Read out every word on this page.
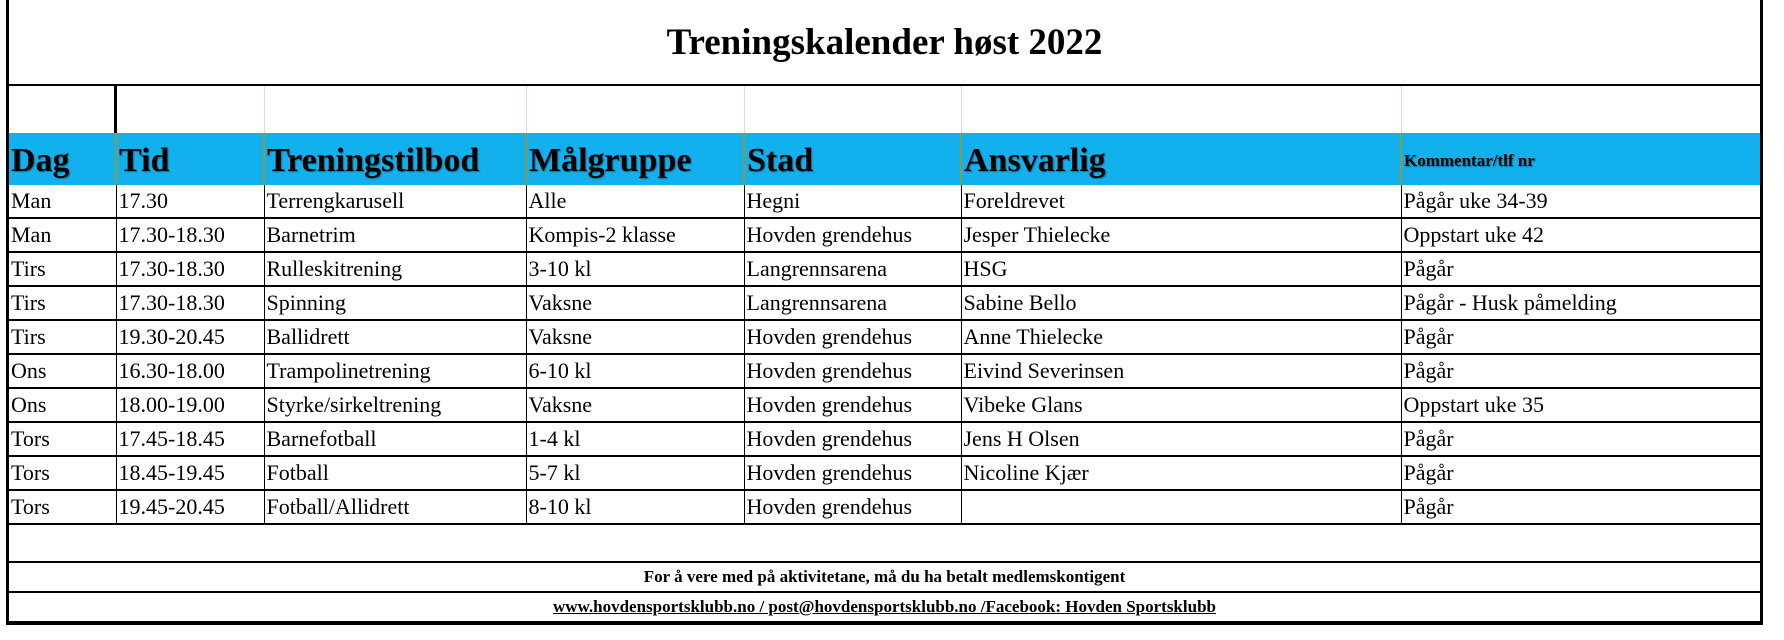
Treningskalender høst 2022
Dag	Tid	Treningstilbod	Målgruppe	Stad	Ansvarlig	Kommentar/tlf nr
Man	17.30	Terrengkarusell	Alle	Hegni	Foreldrevet	Pågår uke 34-39
Man	17.30-18.30	Barnetrim	Kompis-2 klasse	Hovden grendehus	Jesper Thielecke	Oppstart uke 42
Tirs	17.30-18.30	Rulleskitrening	3-10 kl	Langrennsarena	HSG	Pågår
Tirs	17.30-18.30	Spinning	Vaksne	Langrennsarena	Sabine Bello	Pågår - Husk påmelding
Tirs	19.30-20.45	Ballidrett	Vaksne	Hovden grendehus	Anne Thielecke	Pågår
Ons	16.30-18.00	Trampolinetrening	6-10 kl	Hovden grendehus	Eivind Severinsen	Pågår
Ons	18.00-19.00	Styrke/sirkeltrening	Vaksne	Hovden grendehus	Vibeke Glans	Oppstart uke 35
Tors	17.45-18.45	Barnefotball	1-4 kl	Hovden grendehus	Jens H Olsen	Pågår
Tors	18.45-19.45	Fotball	5-7 kl	Hovden grendehus	Nicoline Kjær	Pågår
Tors	19.45-20.45	Fotball/Allidrett	8-10 kl	Hovden grendehus		Pågår
For å vere med på aktivitetane, må du ha betalt medlemskontigent
www.hovdensportsklubb.no / post@hovdensportsklubb.no /Facebook: Hovden Sportsklubb
